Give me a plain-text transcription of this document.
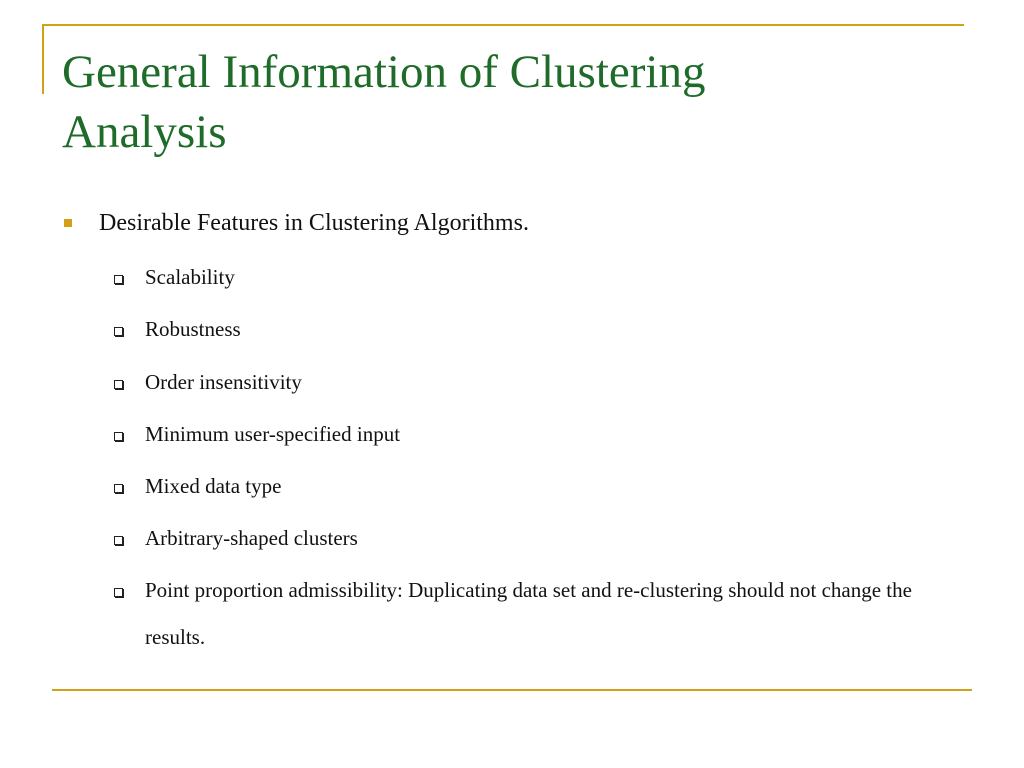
General Information of Clustering
Analysis
Desirable Features in Clustering Algorithms.
Scalability
Robustness
Order insensitivity
Minimum user-specified input
Mixed data type
Arbitrary-shaped clusters
Point proportion admissibility: Duplicating data set and re-clustering should not change the results.
